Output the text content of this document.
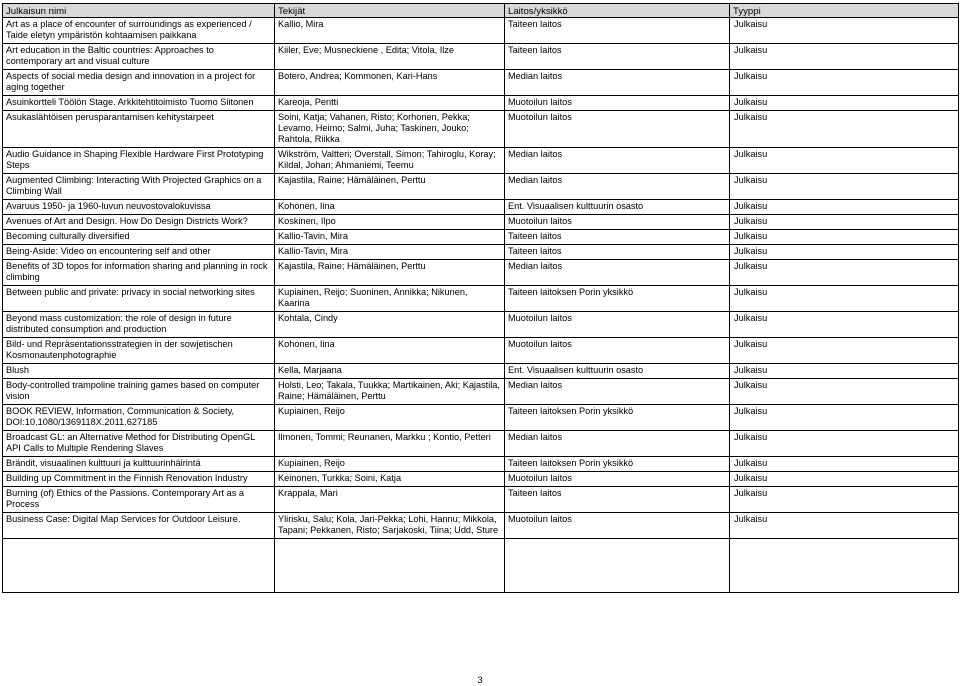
Julkaisun nimi	Tekijät	Laitos/yksikkö	Tyyppi
Art as a place of encounter of surroundings as experienced / Taide eletyn ympäristön kohtaamisen paikkana	Kallio, Mira	Taiteen laitos	Julkaisu
Art education in the Baltic countries: Approaches to contemporary art and visual culture	Kiiler, Eve; Musneckiene , Edita; Vitola, Ilze	Taiteen laitos	Julkaisu
Aspects of social media design and innovation in a project for aging together	Botero, Andrea; Kommonen, Kari-Hans	Median laitos	Julkaisu
Asuinkortteli Töölön Stage. Arkkitehtitoimisto Tuomo Siitonen	Kareoja, Pentti	Muotoilun laitos	Julkaisu
Asukaslähtöisen perusparantamisen kehitystarpeet	Soini, Katja; Vahanen, Risto; Korhonen, Pekka; Levamo, Heimo; Salmi, Juha; Taskinen, Jouko; Rahtola, Riikka	Muotoilun laitos	Julkaisu
Audio Guidance in Shaping Flexible Hardware First Prototyping Steps	Wikström, Valtteri; Overstall, Simon; Tahiroglu, Koray; Kildal, Johan; Ahmaniemi, Teemu	Median laitos	Julkaisu
Augmented Climbing: Interacting With Projected Graphics on a Climbing Wall	Kajastila, Raine; Hämäläinen, Perttu	Median laitos	Julkaisu
Avaruus 1950- ja 1960-luvun neuvostovalokuvissa	Kohonen, Iina	Ent. Visuaalisen kulttuurin osasto	Julkaisu
Avenues of Art and Design. How Do Design Districts Work?	Koskinen, Ilpo	Muotoilun laitos	Julkaisu
Becoming culturally diversified	Kallio-Tavin, Mira	Taiteen laitos	Julkaisu
Being-Aside: Video on encountering self and other	Kallio-Tavin, Mira	Taiteen laitos	Julkaisu
Benefits of 3D topos for information sharing and planning in rock climbing	Kajastila, Raine; Hämäläinen, Perttu	Median laitos	Julkaisu
Between public and private: privacy in social networking sites	Kupiainen, Reijo; Suoninen, Annikka; Nikunen, Kaarina	Taiteen laitoksen Porin yksikkö	Julkaisu
Beyond mass customization: the role of design in future distributed consumption and production	Kohtala, Cindy	Muotoilun laitos	Julkaisu
Bild- und Repräsentationsstrategien in der sowjetischen Kosmonautenphotographie	Kohonen, Iina	Muotoilun laitos	Julkaisu
Blush	Kella, Marjaana	Ent. Visuaalisen kulttuurin osasto	Julkaisu
Body-controlled trampoline training games based on computer vision	Holsti, Leo; Takala, Tuukka; Martikainen, Aki; Kajastila, Raine; Hämäläinen, Perttu	Median laitos	Julkaisu
BOOK REVIEW, Information, Communication & Society, DOI:10.1080/1369118X.2011.627185	Kupiainen, Reijo	Taiteen laitoksen Porin yksikkö	Julkaisu
Broadcast GL: an Alternative Method for Distributing OpenGL API Calls to Multiple Rendering Slaves	Ilmonen, Tommi; Reunanen, Markku ; Kontio, Petteri	Median laitos	Julkaisu
Brändit, visuaalinen kulttuuri ja kulttuurinhäirintä	Kupiainen, Reijo	Taiteen laitoksen Porin yksikkö	Julkaisu
Building up Commitment in the Finnish Renovation Industry	Keinonen, Turkka; Soini, Katja	Muotoilun laitos	Julkaisu
Burning (of) Ethics of the Passions. Contemporary Art as a Process	Krappala, Mari	Taiteen laitos	Julkaisu
Business Case: Digital Map Services for Outdoor Leisure.	Ylirisku, Salu; Kola, Jari-Pekka; Lohi, Hannu; Mikkola, Tapani; Pekkanen, Risto; Sarjakoski, Tiina; Udd, Sture	Muotoilun laitos	Julkaisu

3
